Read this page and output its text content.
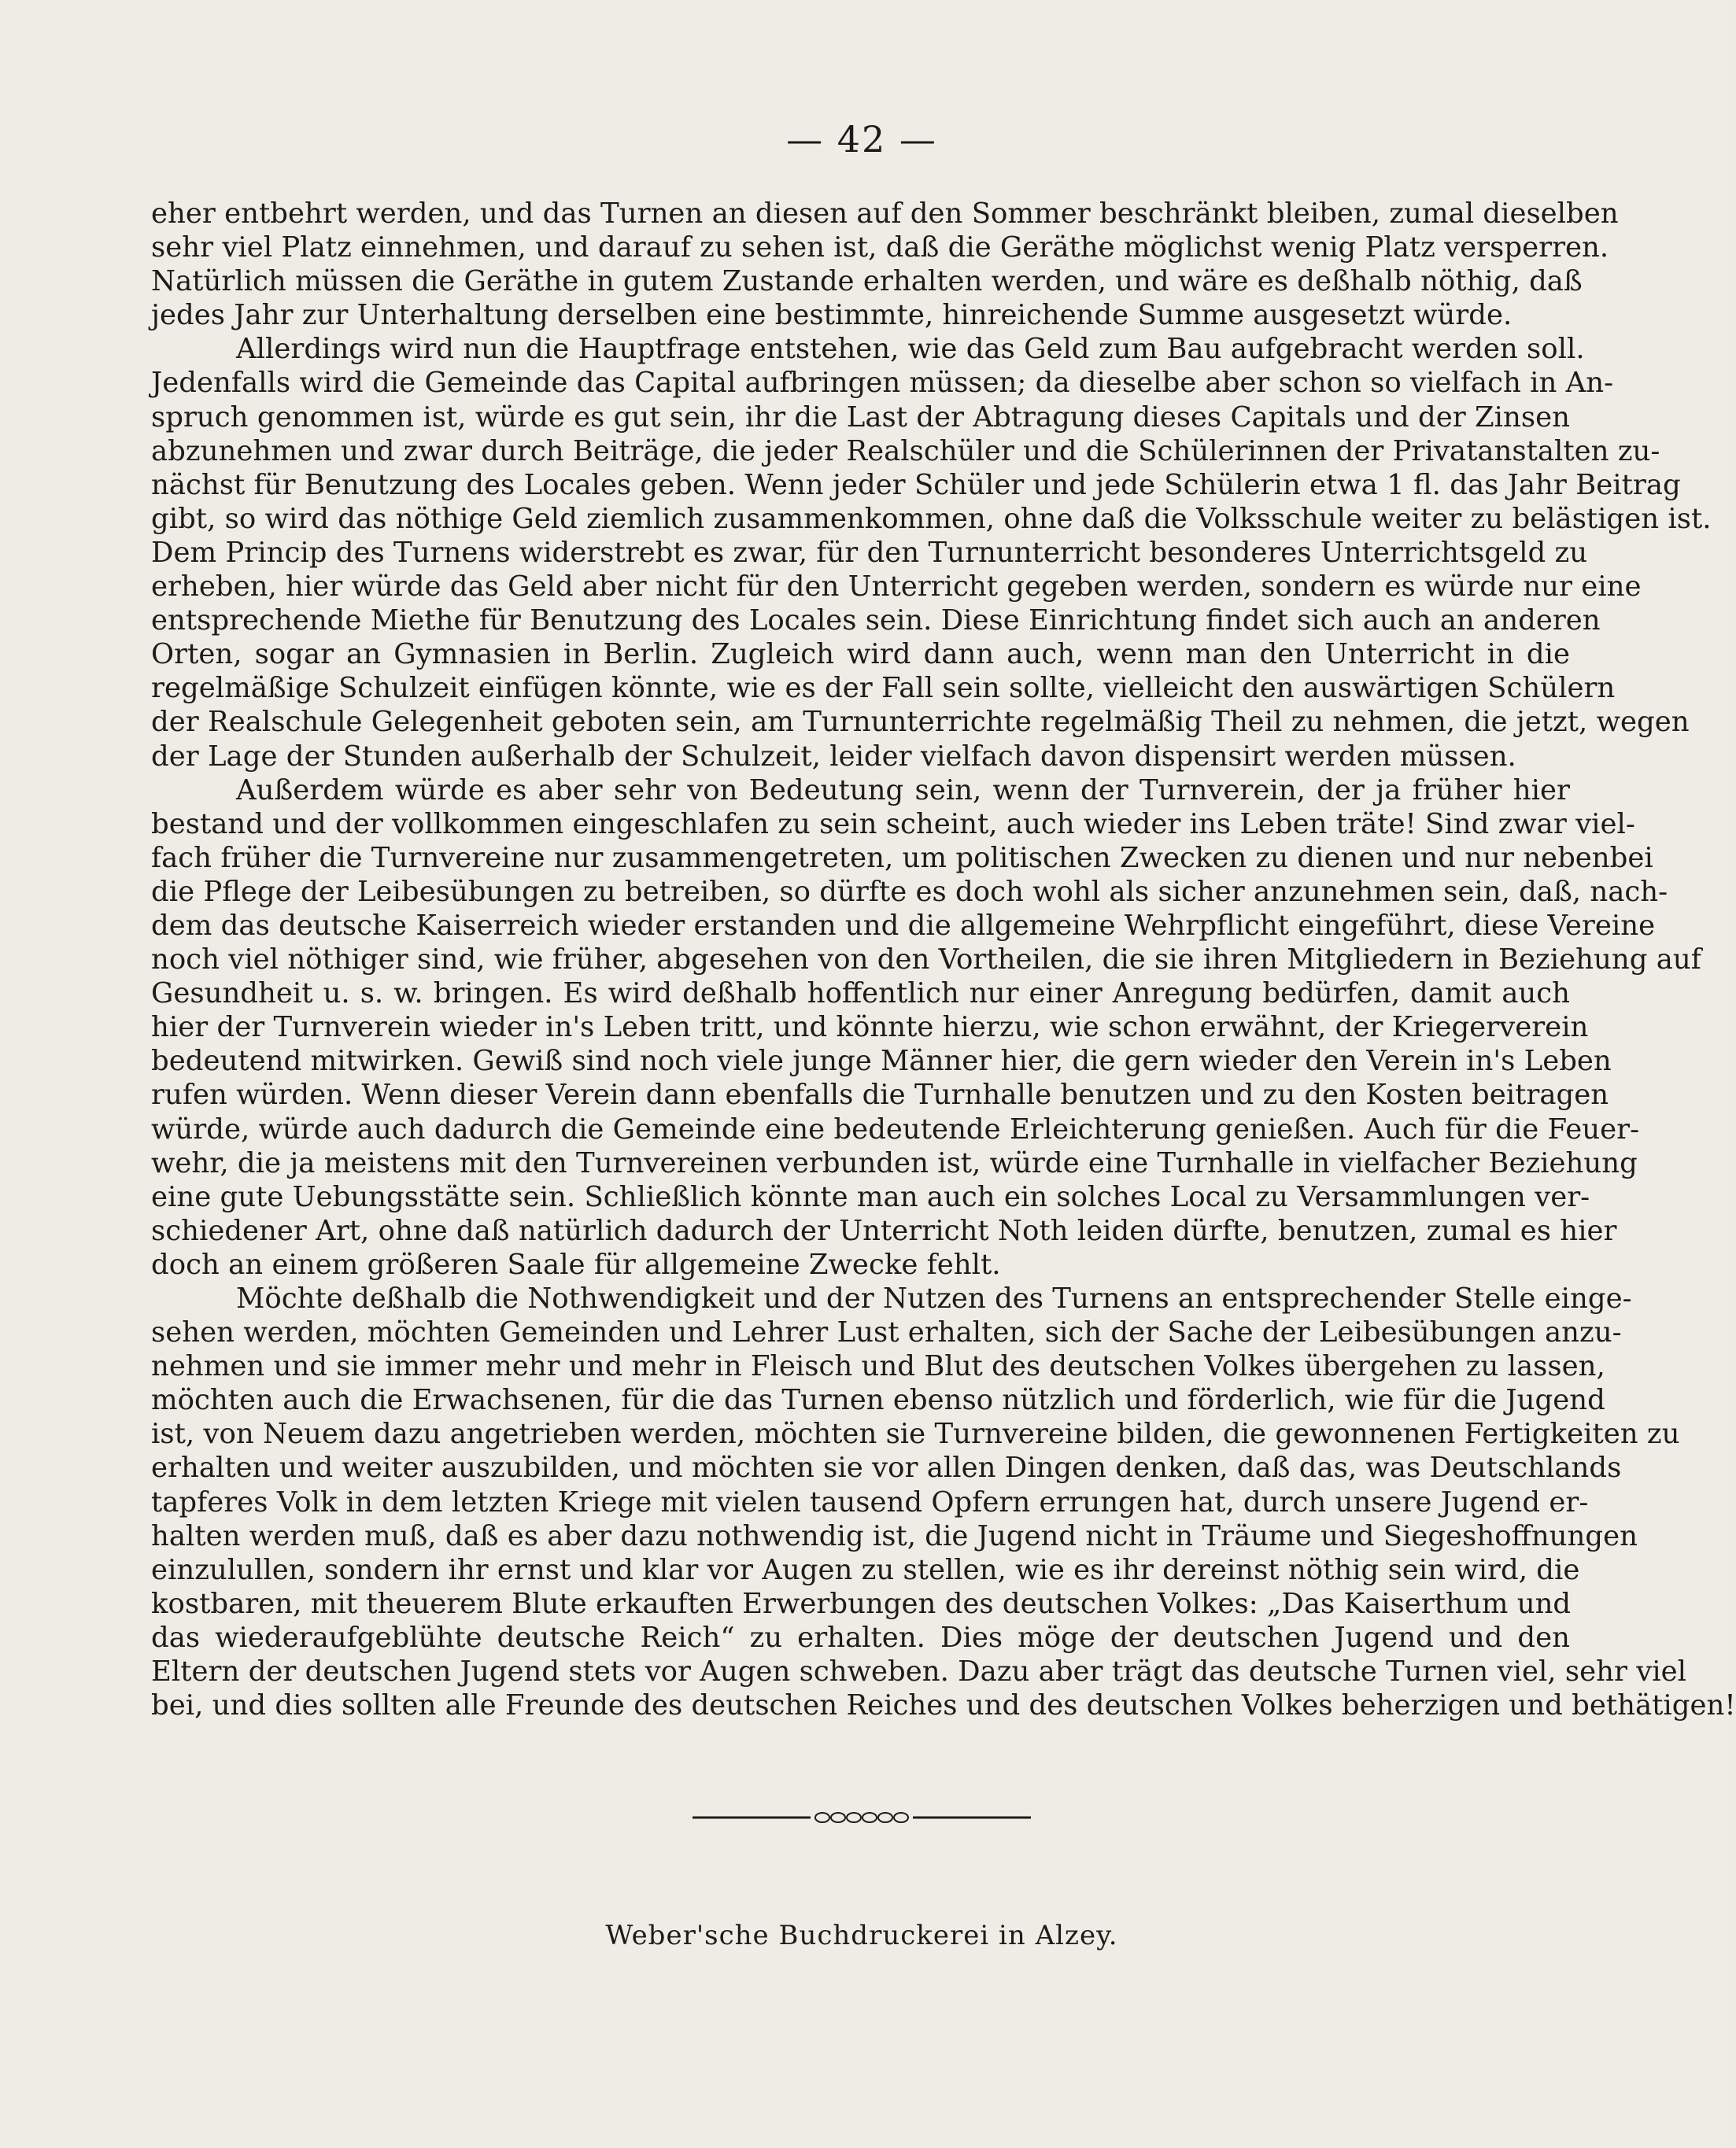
— 42 —
eher entbehrt werden, und das Turnen an diesen auf den Sommer beschränkt bleiben, zumal dieselben
sehr viel Platz einnehmen, und darauf zu sehen ist, daß die Geräthe möglichst wenig Platz versperren.
Natürlich müssen die Geräthe in gutem Zustande erhalten werden, und wäre es deßhalb nöthig, daß
jedes Jahr zur Unterhaltung derselben eine bestimmte, hinreichende Summe ausgesetzt würde.
Allerdings wird nun die Hauptfrage entstehen, wie das Geld zum Bau aufgebracht werden soll.
Jedenfalls wird die Gemeinde das Capital aufbringen müssen; da dieselbe aber schon so vielfach in An-
spruch genommen ist, würde es gut sein, ihr die Last der Abtragung dieses Capitals und der Zinsen
abzunehmen und zwar durch Beiträge, die jeder Realschüler und die Schülerinnen der Privatanstalten zu-
nächst für Benutzung des Locales geben. Wenn jeder Schüler und jede Schülerin etwa 1 fl. das Jahr Beitrag
gibt, so wird das nöthige Geld ziemlich zusammenkommen, ohne daß die Volksschule weiter zu belästigen ist.
Dem Princip des Turnens widerstrebt es zwar, für den Turnunterricht besonderes Unterrichtsgeld zu
erheben, hier würde das Geld aber nicht für den Unterricht gegeben werden, sondern es würde nur eine
entsprechende Miethe für Benutzung des Locales sein. Diese Einrichtung findet sich auch an anderen
Orten, sogar an Gymnasien in Berlin. Zugleich wird dann auch, wenn man den Unterricht in die
regelmäßige Schulzeit einfügen könnte, wie es der Fall sein sollte, vielleicht den auswärtigen Schülern
der Realschule Gelegenheit geboten sein, am Turnunterrichte regelmäßig Theil zu nehmen, die jetzt, wegen
der Lage der Stunden außerhalb der Schulzeit, leider vielfach davon dispensirt werden müssen.
Außerdem würde es aber sehr von Bedeutung sein, wenn der Turnverein, der ja früher hier
bestand und der vollkommen eingeschlafen zu sein scheint, auch wieder ins Leben träte! Sind zwar viel-
fach früher die Turnvereine nur zusammengetreten, um politischen Zwecken zu dienen und nur nebenbei
die Pflege der Leibesübungen zu betreiben, so dürfte es doch wohl als sicher anzunehmen sein, daß, nach-
dem das deutsche Kaiserreich wieder erstanden und die allgemeine Wehrpflicht eingeführt, diese Vereine
noch viel nöthiger sind, wie früher, abgesehen von den Vortheilen, die sie ihren Mitgliedern in Beziehung auf
Gesundheit u. s. w. bringen. Es wird deßhalb hoffentlich nur einer Anregung bedürfen, damit auch
hier der Turnverein wieder in's Leben tritt, und könnte hierzu, wie schon erwähnt, der Kriegerverein
bedeutend mitwirken. Gewiß sind noch viele junge Männer hier, die gern wieder den Verein in's Leben
rufen würden. Wenn dieser Verein dann ebenfalls die Turnhalle benutzen und zu den Kosten beitragen
würde, würde auch dadurch die Gemeinde eine bedeutende Erleichterung genießen. Auch für die Feuer-
wehr, die ja meistens mit den Turnvereinen verbunden ist, würde eine Turnhalle in vielfacher Beziehung
eine gute Uebungsstätte sein. Schließlich könnte man auch ein solches Local zu Versammlungen ver-
schiedener Art, ohne daß natürlich dadurch der Unterricht Noth leiden dürfte, benutzen, zumal es hier
doch an einem größeren Saale für allgemeine Zwecke fehlt.
Möchte deßhalb die Nothwendigkeit und der Nutzen des Turnens an entsprechender Stelle einge-
sehen werden, möchten Gemeinden und Lehrer Lust erhalten, sich der Sache der Leibesübungen anzu-
nehmen und sie immer mehr und mehr in Fleisch und Blut des deutschen Volkes übergehen zu lassen,
möchten auch die Erwachsenen, für die das Turnen ebenso nützlich und förderlich, wie für die Jugend
ist, von Neuem dazu angetrieben werden, möchten sie Turnvereine bilden, die gewonnenen Fertigkeiten zu
erhalten und weiter auszubilden, und möchten sie vor allen Dingen denken, daß das, was Deutschlands
tapferes Volk in dem letzten Kriege mit vielen tausend Opfern errungen hat, durch unsere Jugend er-
halten werden muß, daß es aber dazu nothwendig ist, die Jugend nicht in Träume und Siegeshoffnungen
einzulullen, sondern ihr ernst und klar vor Augen zu stellen, wie es ihr dereinst nöthig sein wird, die
kostbaren, mit theuerem Blute erkauften Erwerbungen des deutschen Volkes: „Das Kaiserthum und
das wiederaufgeblühte deutsche Reich“ zu erhalten. Dies möge der deutschen Jugend und den
Eltern der deutschen Jugend stets vor Augen schweben. Dazu aber trägt das deutsche Turnen viel, sehr viel
bei, und dies sollten alle Freunde des deutschen Reiches und des deutschen Volkes beherzigen und bethätigen!
Weber'sche Buchdruckerei in Alzey.
